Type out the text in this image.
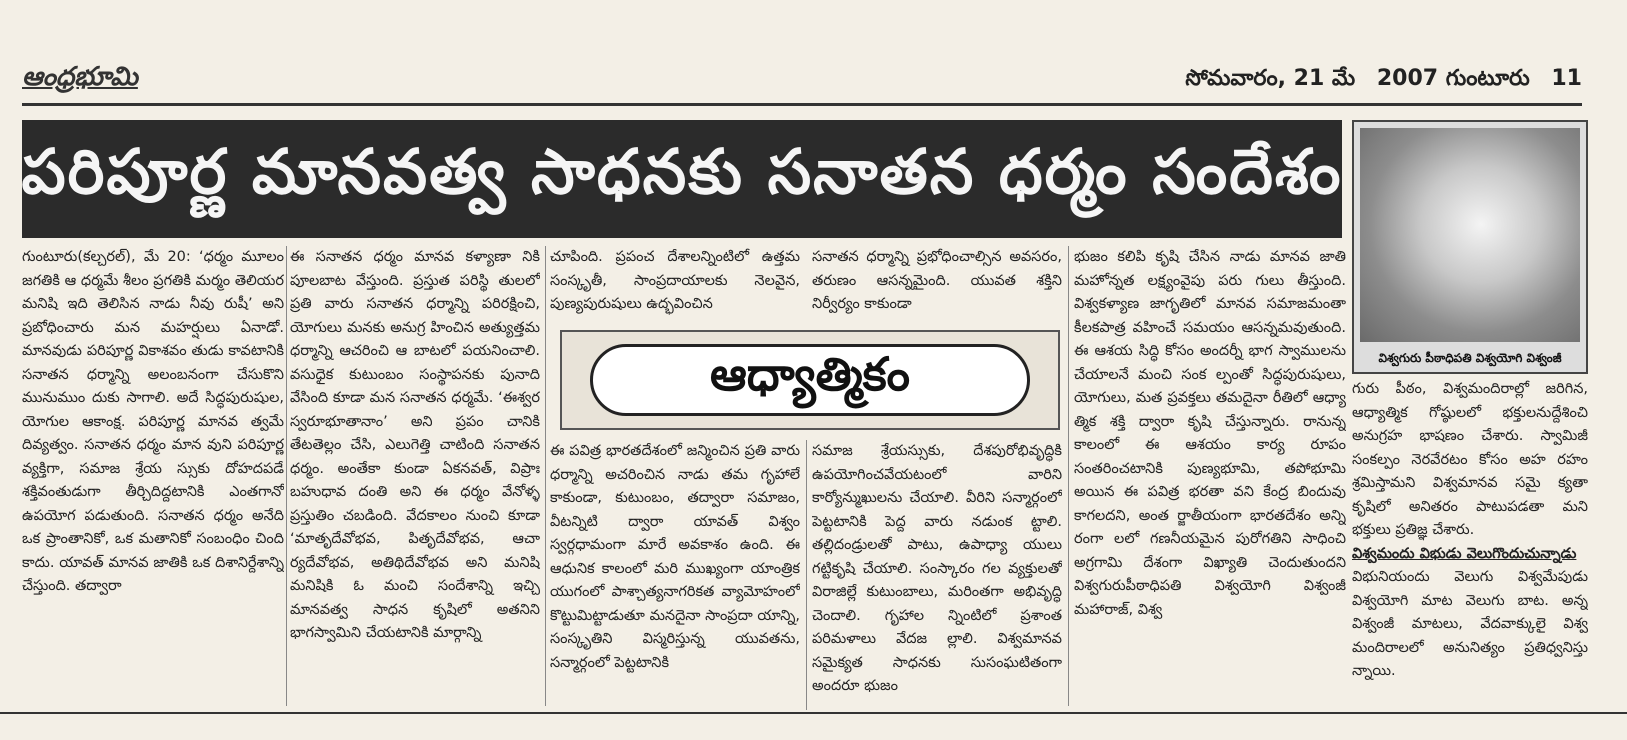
ఆంధ్రభూమి	సోమవారం, 21 మే 2007 గుంటూరు 11
పరిపూర్ణ మానవత్వ సాధనకు సనాతన ధర్మం సందేశం
విశ్వగురు పీఠాధిపతి విశ్వయోగి విశ్వంజీ

గుంటూరు(కల్చరల్), మే 20: ‘ధర్మం మూలం జగతికి ఆ ధర్మమే శీలం ప్రగతికి మర్మం తెలియర మనిషి ఇది తెలిసిన నాడు నీవు రుషీ’ అని ప్రబోధించారు మన మహర్షులు ఏనాడో. మానవుడు పరిపూర్ణ వికాశవం తుడు కావటానికి సనాతన ధర్మాన్ని అలంబనంగా చేసుకొని మునుముం దుకు సాగాలి. అదే సిద్ధపురుషుల, యోగుల ఆకాంక్ష. పరిపూర్ణ మానవ త్వమే దివ్యత్వం. సనాతన ధర్మం మాన వుని పరిపూర్ణ వ్యక్తిగా, సమాజ శ్రేయ స్సుకు దోహదపడే శక్తివంతుడుగా తీర్చిదిద్దటానికి ఎంతగానో ఉపయోగ పడుతుంది. సనాతన ధర్మం అనేది ఒక ప్రాంతానికో, ఒక మతానికో సంబంధిం చింది కాదు. యావత్ మానవ జాతికి ఒక దిశానిర్దేశాన్ని చేస్తుంది. తద్వారా

ఈ సనాతన ధర్మం మానవ కళ్యాణా నికి పూలబాట వేస్తుంది. ప్రస్తుత పరిస్థి తులలో ప్రతి వారు సనాతన ధర్మాన్ని పరిరక్షించి, యోగులు మనకు అనుగ్ర హించిన అత్యుత్తమ ధర్మాన్ని ఆచరించి ఆ బాటలో పయనించాలి. వసుధైక కుటుంబం సంస్థాపనకు పునాది వేసింది కూడా మన సనాతన ధర్మమే. ‘ఈశ్వర స్వరూభూతానాం’ అని ప్రపం చానికి తేటతెల్లం చేసి, ఎలుగెత్తి చాటింది సనాతన ధర్మం. అంతేకా కుండా ఏకనవత్, విప్రాః బహుధావ దంతి అని ఈ ధర్మం వేనోళ్ళ ప్రస్తుతిం చబడింది. వేదకాలం నుంచి కూడా ‘మాతృదేవోభవ, పితృదేవోభవ, ఆచా ర్యదేవోభవ, అతిథిదేవోభవ అని మనిషి మనిషికి ఓ మంచి సందేశాన్ని ఇచ్చి మానవత్వ సాధన కృషిలో అతనిని భాగస్వామిని చేయటానికి మార్గాన్ని

చూపింది. ప్రపంచ దేశాలన్నింటిలో ఉత్తమ సంస్కృతీ, సాంప్రదాయాలకు నెలవైన, పుణ్యపురుషులు ఉద్భవించిన

సనాతన ధర్మాన్ని ప్రభోధించాల్సిన అవసరం, తరుణం ఆసన్నమైంది. యువత శక్తిని నిర్వీర్యం కాకుండా

ఆధ్యాత్మికం

ఈ పవిత్ర భారతదేశంలో జన్మించిన ప్రతి వారు ధర్మాన్ని అచరించిన నాడు తమ గృహాలే కాకుండా, కుటుంబం, తద్వారా సమాజం, వీటన్నిటి ద్వారా యావత్ విశ్వం స్వర్గధామంగా మారే అవకాశం ఉంది. ఈ ఆధునిక కాలంలో మరి ముఖ్యంగా యాంత్రిక యుగంలో పాశ్చాత్యనాగరికత వ్యామోహంలో కొట్టుమిట్టాడుతూ మనదైనా సాంప్రదా యాన్ని, సంస్కృతిని విస్మరిస్తున్న యువతను, సన్మార్గంలో పెట్టటానికి

సమాజ శ్రేయస్సుకు, దేశపురోభివృద్ధికి ఉపయోగించవేయటంలో వారిని కార్యోన్ముఖులను చేయాలి. వీరిని సన్మార్గంలో పెట్టటానికి పెద్ద వారు నడుంక ట్టాలి. తల్లిదండ్రులతో పాటు, ఉపాధ్యా యులు గట్టికృషి చేయాలి. సంస్కారం గల వ్యక్తులతో విరాజిల్లే కుటుంబాలు, మరింతగా అభివృద్ధి చెందాలి. గృహాల న్నింటిలో ప్రశాంత పరిమళాలు వేదజ ల్లాలి. విశ్వమానవ సమైక్యత సాధనకు సుసంఘటితంగా అందరూ భుజం

భుజం కలిపి కృషి చేసిన నాడు మానవ జాతి మహోన్నత లక్ష్యంవైపు పరు గులు తీస్తుంది. విశ్వకళ్యాణ జాగృతిలో మానవ సమాజమంతా కీలకపాత్ర వహించే సమయం ఆసన్నమవుతుంది. ఈ ఆశయ సిద్ధి కోసం అందర్నీ భాగ స్వాములను చేయాలనే మంచి సంక ల్పంతో సిద్ధపురుషులు, యోగులు, మత ప్రవక్తలు తమదైనా రీతిలో ఆధ్యా త్మిక శక్తి ద్వారా కృషి చేస్తున్నారు. రానున్న కాలంలో ఈ ఆశయం కార్య రూపం సంతరించటానికి పుణ్యభూమి, తపోభూమి అయిన ఈ పవిత్ర భరతా వని కేంద్ర బిందువు కాగలదని, అంత ర్జాతీయంగా భారతదేశం అన్ని రంగా లలో గణనీయమైన పురోగతిని సాధించి అగ్రగామి దేశంగా విఖ్యాతి చెందుతుందని విశ్వగురుపీఠాధిపతి విశ్వయోగి విశ్వంజీ మహారాజ్, విశ్వ

గురు పీఠం, విశ్వమందిరాల్లో జరిగిన, ఆధ్యాత్మిక గోష్ఠులలో భక్తులనుద్దేశించి అనుగ్రహ భాషణం చేశారు. స్వామిజీ సంకల్పం నెరవేరటం కోసం అహ రహం శ్రమిస్తామని విశ్వమానవ సమై క్యతా కృషిలో అనితరం పాటుపడతా మని భక్తులు ప్రతిజ్ఞ చేశారు.

విశ్వమందు విభుడు వెలుగొందుచున్నాడు

విభునియందు వెలుగు విశ్వమేపుడు విశ్వయోగి మాట వెలుగు బాట. అన్న విశ్వంజీ మాటలు, వేదవాక్కులై విశ్వ మందిరాలలో అనునిత్యం ప్రతిధ్వనిస్తు న్నాయి.
